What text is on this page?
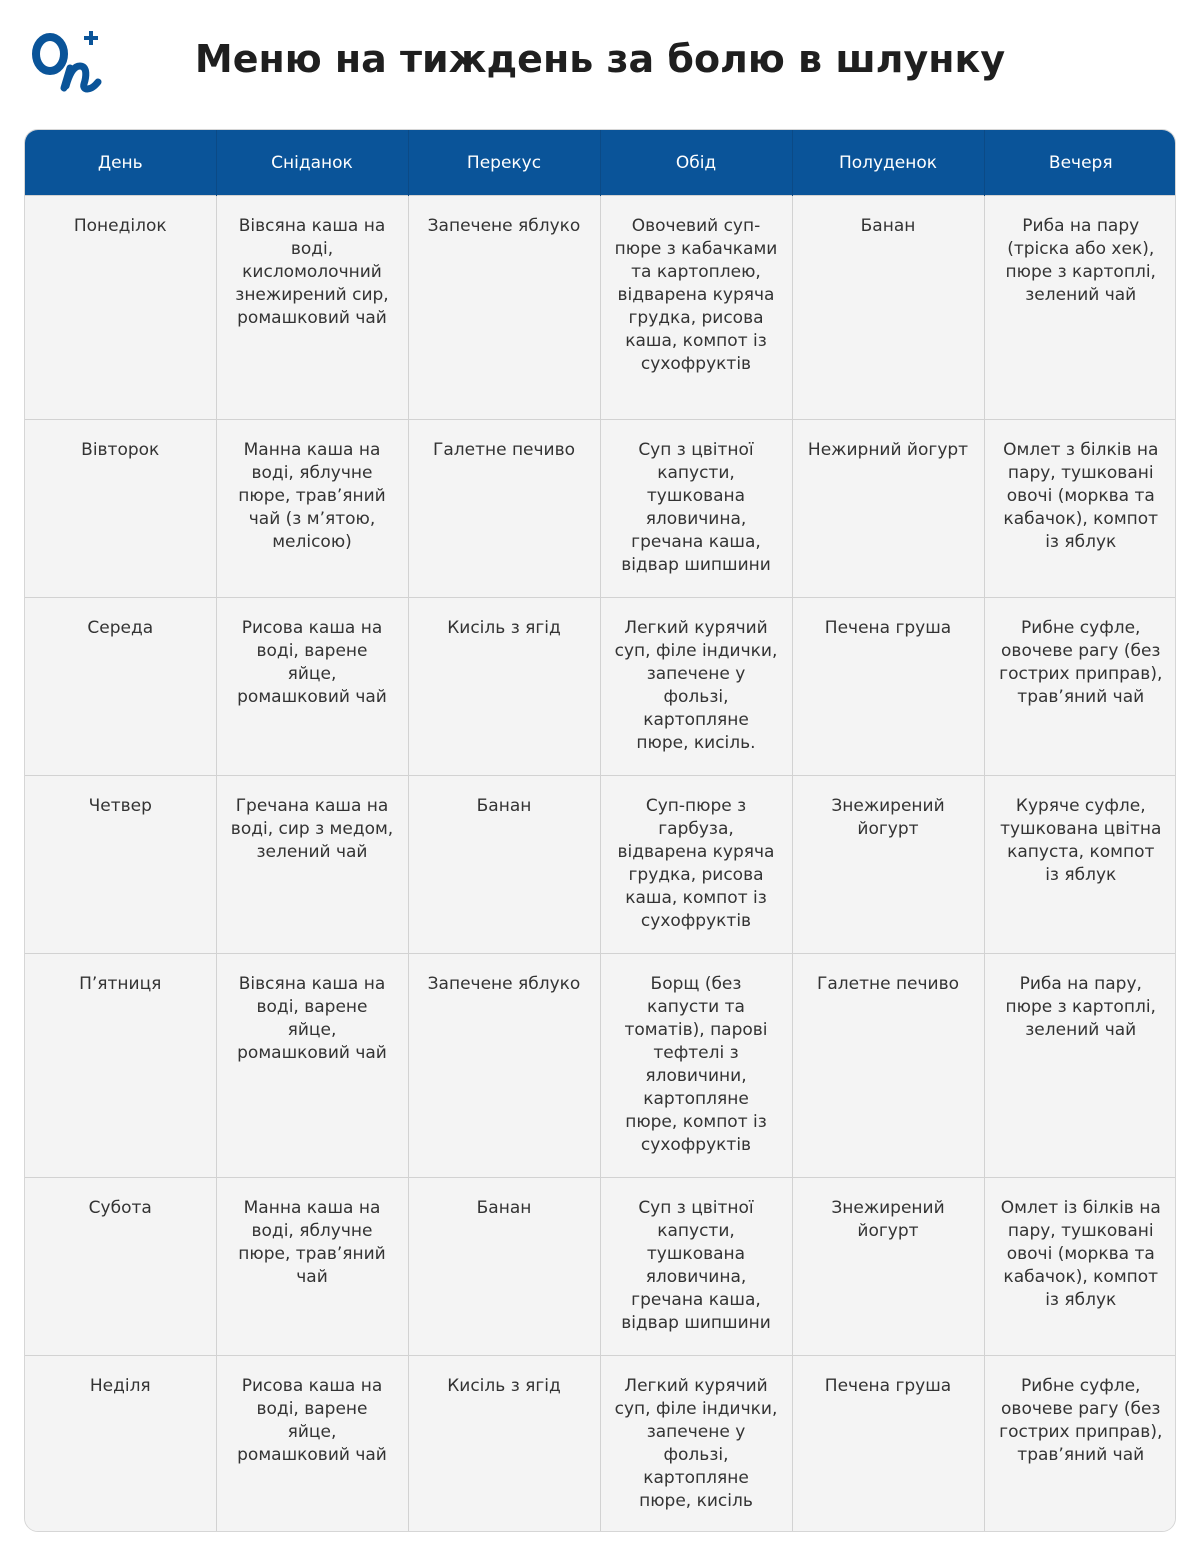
Меню на тиждень за болю в шлунку
День	Сніданок	Перекус	Обід	Полуденок	Вечеря
Понеділок	Вівсяна каша на воді, кисломолочний знежирений сир, ромашковий чай	Запечене яблуко	Овочевий суп-пюре з кабачками та картоплею, відварена куряча грудка, рисова каша, компот із сухофруктів	Банан	Риба на пару (тріска або хек), пюре з картоплі, зелений чай
Вівторок	Манна каша на воді, яблучне пюре, трав’яний чай (з м’ятою, мелісою)	Галетне печиво	Суп з цвітної капусти, тушкована яловичина, гречана каша, відвар шипшини	Нежирний йогурт	Омлет з білків на пару, тушковані овочі (морква та кабачок), компот із яблук
Середа	Рисова каша на воді, варене яйце, ромашковий чай	Кисіль з ягід	Легкий курячий суп, філе індички, запечене у фользі, картопляне пюре, кисіль.	Печена груша	Рибне суфле, овочеве рагу (без гострих приправ), трав’яний чай
Четвер	Гречана каша на воді, сир з медом, зелений чай	Банан	Суп-пюре з гарбуза, відварена куряча грудка, рисова каша, компот із сухофруктів	Знежирений йогурт	Куряче суфле, тушкована цвітна капуста, компот із яблук
П’ятниця	Вівсяна каша на воді, варене яйце, ромашковий чай	Запечене яблуко	Борщ (без капусти та томатів), парові тефтелі з яловичини, картопляне пюре, компот із сухофруктів	Галетне печиво	Риба на пару, пюре з картоплі, зелений чай
Субота	Манна каша на воді, яблучне пюре, трав’яний чай	Банан	Суп з цвітної капусти, тушкована яловичина, гречана каша, відвар шипшини	Знежирений йогурт	Омлет із білків на пару, тушковані овочі (морква та кабачок), компот із яблук
Неділя	Рисова каша на воді, варене яйце, ромашковий чай	Кисіль з ягід	Легкий курячий суп, філе індички, запечене у фользі, картопляне пюре, кисіль	Печена груша	Рибне суфле, овочеве рагу (без гострих приправ), трав’яний чай
